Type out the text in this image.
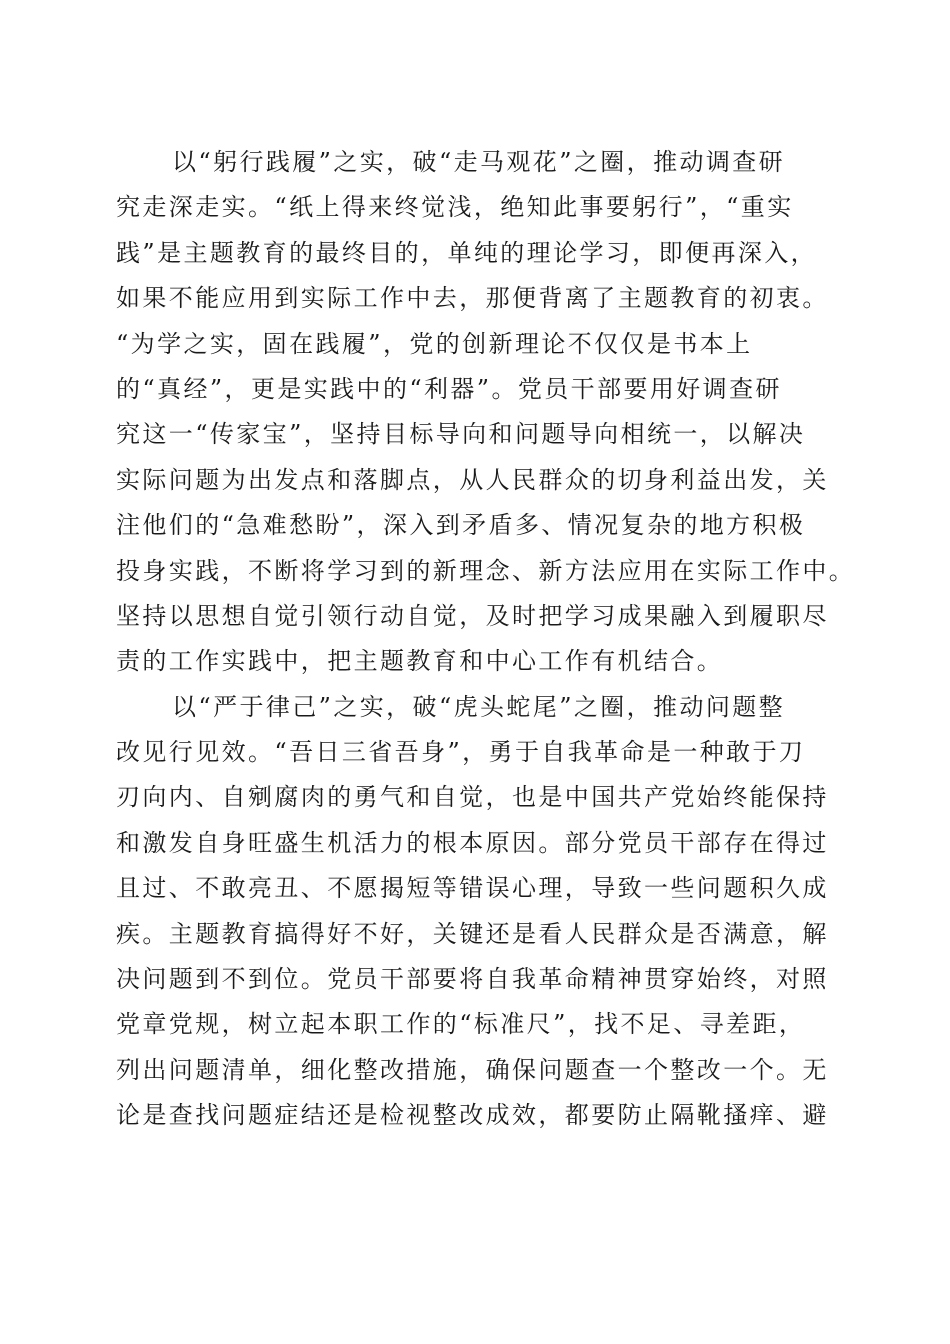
以“躬行践履”之实，破“走马观花”之圈，推动调查研
究走深走实。“纸上得来终觉浅，绝知此事要躬行”，“重实
践”是主题教育的最终目的，单纯的理论学习，即便再深入，
如果不能应用到实际工作中去，那便背离了主题教育的初衷。
“为学之实，固在践履”，党的创新理论不仅仅是书本上
的“真经”，更是实践中的“利器”。党员干部要用好调查研
究这一“传家宝”，坚持目标导向和问题导向相统一，以解决
实际问题为出发点和落脚点，从人民群众的切身利益出发，关
注他们的“急难愁盼”，深入到矛盾多、情况复杂的地方积极
投身实践，不断将学习到的新理念、新方法应用在实际工作中。
坚持以思想自觉引领行动自觉，及时把学习成果融入到履职尽
责的工作实践中，把主题教育和中心工作有机结合。
以“严于律己”之实，破“虎头蛇尾”之圈，推动问题整
改见行见效。“吾日三省吾身”，勇于自我革命是一种敢于刀
刃向内、自剜腐肉的勇气和自觉，也是中国共产党始终能保持
和激发自身旺盛生机活力的根本原因。部分党员干部存在得过
且过、不敢亮丑、不愿揭短等错误心理，导致一些问题积久成
疾。主题教育搞得好不好，关键还是看人民群众是否满意，解
决问题到不到位。党员干部要将自我革命精神贯穿始终，对照
党章党规，树立起本职工作的“标准尺”，找不足、寻差距，
列出问题清单，细化整改措施，确保问题查一个整改一个。无
论是查找问题症结还是检视整改成效，都要防止隔靴搔痒、避
